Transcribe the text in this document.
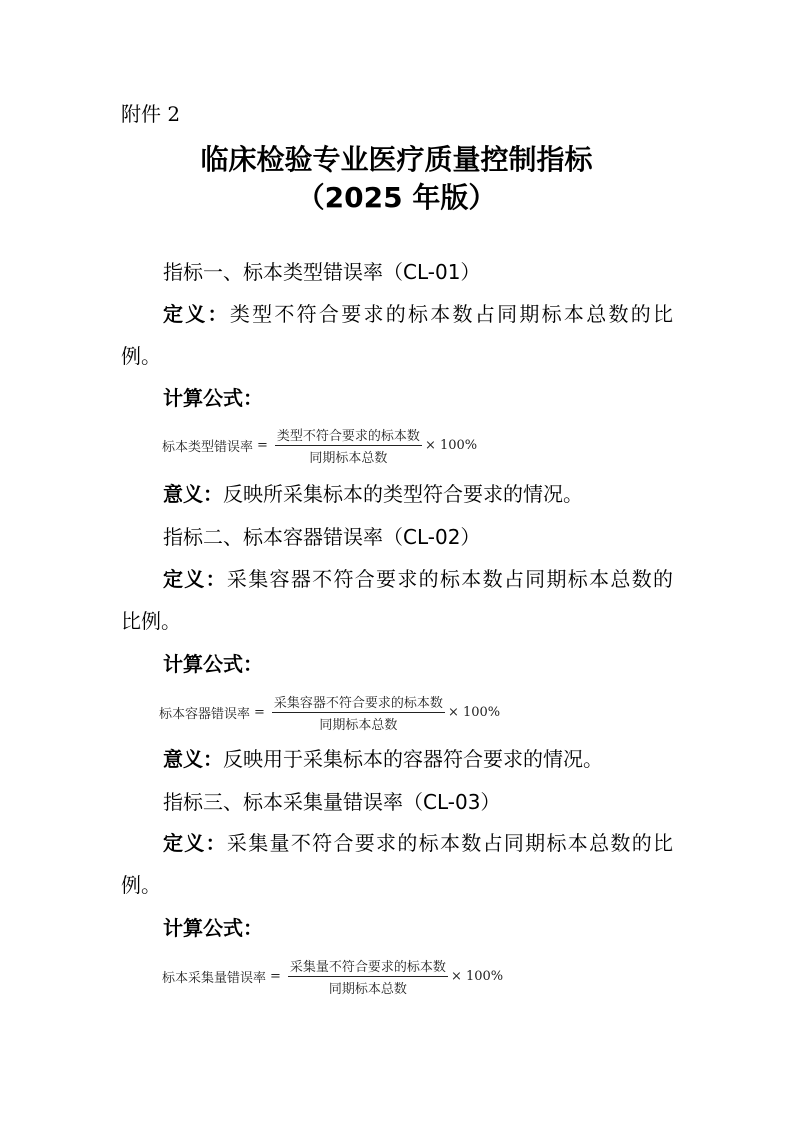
附件 2
临床检验专业医疗质量控制指标
（2025 年版）
指标一、标本类型错误率（CL-01）
定义：类型不符合要求的标本数占同期标本总数的比
例。
计算公式：
标本类型错误率 = $\frac{\text{类型不符合要求的标本数}}{\text{同期标本总数}} \times 100\%$
意义：反映所采集标本的类型符合要求的情况。
指标二、标本容器错误率（CL-02）
定义：采集容器不符合要求的标本数占同期标本总数的
比例。
计算公式：
标本容器错误率 = $\frac{\text{采集容器不符合要求的标本数}}{\text{同期标本总数}} \times 100\%$
意义：反映用于采集标本的容器符合要求的情况。
指标三、标本采集量错误率（CL-03）
定义：采集量不符合要求的标本数占同期标本总数的比
例。
计算公式：
标本采集量错误率 = $\frac{\text{采集量不符合要求的标本数}}{\text{同期标本总数}} \times 100\%$
